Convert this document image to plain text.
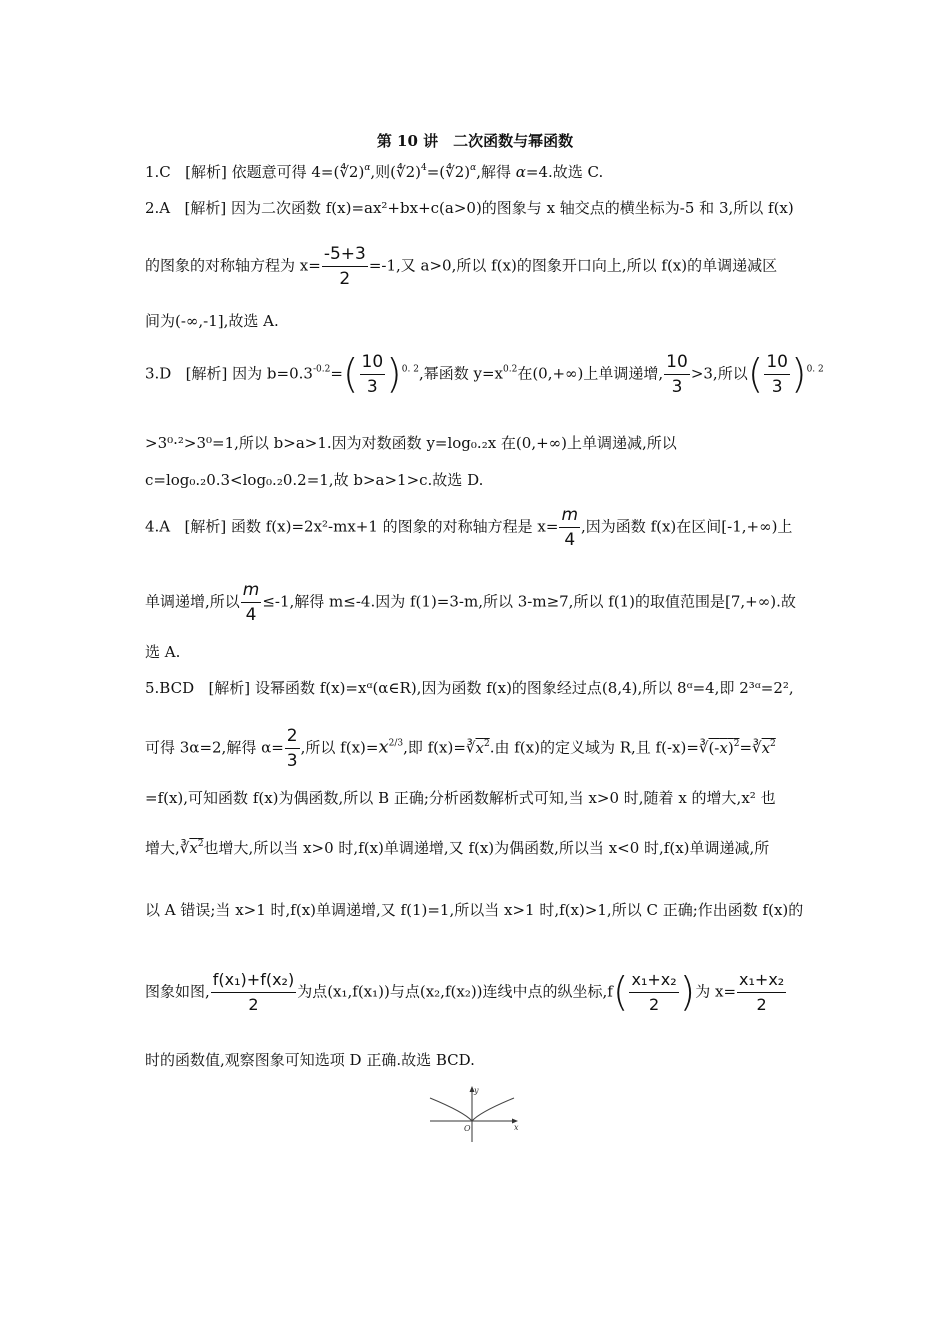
第 10 讲　二次函数与幂函数
1.C [解析] 依题意可得 4=(∜2)$^\alpha$,则(∜2)$^4$=(∜2)$^\alpha$,解得 α=4.故选 C.
2.A [解析] 因为二次函数 f(x)=ax²+bx+c(a>0)的图象与 x 轴交点的横坐标为-5 和 3,所以 f(x)
的图象的对称轴方程为 $x= \frac{-5+3}{2} =-1$,又 a>0,所以 f(x)的图象开口向上,所以 f(x)的单调递减区
间为(-∞,-1],故选 A.
3.D [解析] 因为 $b=0.3^{-0.2}=( \frac{10}{3} )^{0. 2}$,幂函数 $y=x^{0.2}$在(0,+∞)上单调递增, $\frac{10}{3} >3$,所以( $\frac{10}{3} )^{0. 2}$
>3⁰·²>3⁰=1,所以 b>a>1.因为对数函数 y=log₀.₂x 在(0,+∞)上单调递减,所以
c=log₀.₂0.3<log₀.₂0.2=1,故 b>a>1>c.故选 D.
4.A [解析] 函数 f(x)=2x²-mx+1 的图象的对称轴方程是 $x= \frac{m}{4}$ ,因为函数 f(x)在区间[-1,+∞)上
单调递增,所以 $\frac{m}{4} \le-1$,解得 m≤-4.因为 f(1)=3-m,所以 3-m≥7,所以 f(1)的取值范围是[7,+∞).故
选 A.
5.BCD [解析] 设幂函数 f(x)=xᵅ(α∈R),因为函数 f(x)的图象经过点(8,4),所以 8ᵅ=4,即 2³ᵅ=2²,
可得 3α=2,解得 $\alpha= \frac{2}{3}$ ,所以 $f(x)=x^{2/3}$,即 $f(x)=∛x^2$.由 f(x)的定义域为 R,且 $f(-x)=∛(-x)^2=∛x^2$
=f(x),可知函数 f(x)为偶函数,所以 B 正确;分析函数解析式可知,当 x>0 时,随着 x 的增大,x² 也
增大$,∛x^2$也增大,所以当 x>0 时,f(x)单调递增,又 f(x)为偶函数,所以当 x<0 时,f(x)单调递减,所
以 A 错误;当 x>1 时,f(x)单调递增,又 f(1)=1,所以当 x>1 时,f(x)>1,所以 C 正确;作出函数 f(x)的
图象如图, $\frac{\text{f(x₁)+f(x₂)}}{2}$ 为点(x₁,f(x₁))与点(x₂,f(x₂))连线中点的纵坐标$,f( \frac{\text{x₁+x₂}}{2}$ )为 $x= \frac{\text{x₁+x₂}}{2}$
时的函数值,观察图象可知选项 D 正确.故选 BCD.
O	x
y
